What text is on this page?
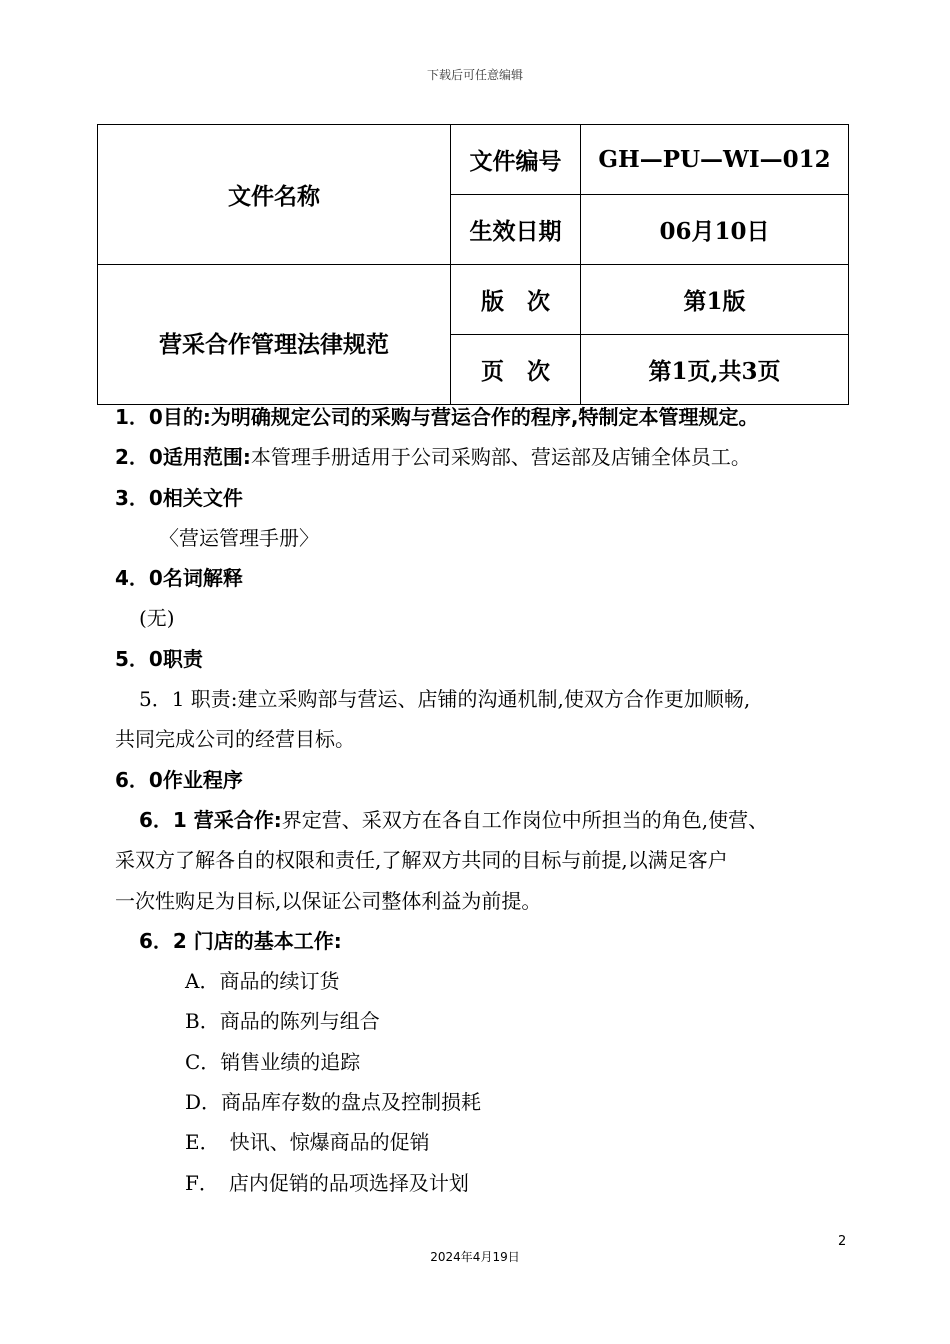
下载后可任意编辑
文件名称	文件编号	GH—PU—WI—012
	生效日期	06月10日
营采合作管理法律规范	版　次	第1版
	页　次	第1页,共3页
1．0目的:为明确规定公司的采购与营运合作的程序,特制定本管理规定。
2．0适用范围:本管理手册适用于公司采购部、营运部及店铺全体员工。
3．0相关文件
〈营运管理手册〉
4．0名词解释
(无)
5．0职责
5．1 职责:建立采购部与营运、店铺的沟通机制,使双方合作更加顺畅,
共同完成公司的经营目标。
6．0作业程序
6．1 营采合作:界定营、采双方在各自工作岗位中所担当的角色,使营、
采双方了解各自的权限和责任,了解双方共同的目标与前提,以满足客户
一次性购足为目标,以保证公司整体利益为前提。
6．2 门店的基本工作:
A．商品的续订货
B．商品的陈列与组合
C．销售业绩的追踪
D．商品库存数的盘点及控制损耗
E．　快讯、惊爆商品的促销
F．　店内促销的品项选择及计划
2
2024年4月19日
